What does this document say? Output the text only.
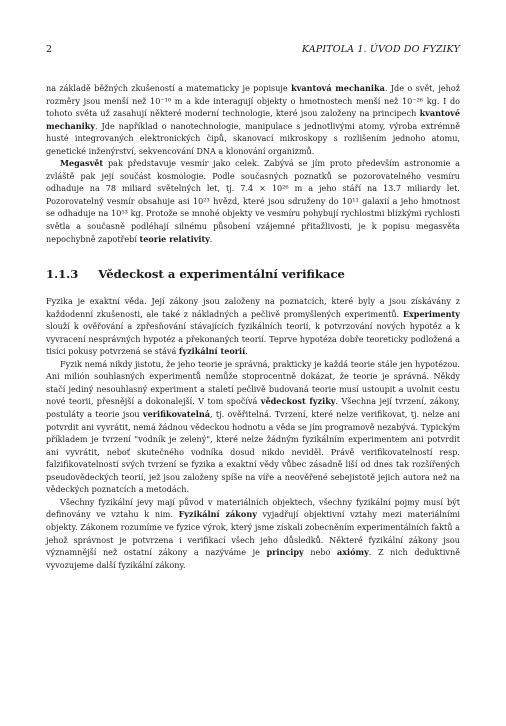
2	KAPITOLA 1. ÚVOD DO FYZIKY

na základě běžných zkušeností a matematicky je popisuje kvantová mechanika. Jde o svět, jehož rozměry jsou menší než 10⁻¹⁰ m a kde interagují objekty o hmotnostech menší než 10⁻²⁶ kg. I do tohoto světa už zasahují některé moderní technologie, které jsou založeny na principech kvantové mechaniky. Jde například o nanotechnologie, manipulace s jednotlivými atomy, výroba extrémně husté integrovaných elektronických čipů, skanovací mikroskopy s rozlišením jednoho atomu, genetické inženýrství, sekvencování DNA a klonování organizmů.

Megasvět pak představuje vesmír jako celek. Zabývá se jím proto především astronomie a zvláště pak její součást kosmologie. Podle současných poznatků se pozorovatelného vesmíru odhaduje na 78 miliard světelných let, tj. 7.4 × 10²⁶ m a jeho stáří na 13.7 miliardy let. Pozorovatelný vesmír obsahuje asi 10²³ hvězd, které jsou sdruženy do 10¹¹ galaxií a jeho hmotnost se odhaduje na 10⁵³ kg. Protože se mnohé objekty ve vesmíru pohybují rychlostmi blízkými rychlosti světla a současně podléhají silnému působení vzájemné přitažlivosti, je k popisu megasvěta nepochybně zapotřebí teorie relativity.

1.1.3 Vědeckost a experimentální verifikace

Fyzika je exaktní věda. Její zákony jsou založeny na poznatcích, které byly a jsou získávány z každodenní zkušenosti, ale také z nákladných a pečlivě promyšlených experimentů. Experimenty slouží k ověřování a zpřesňování stávajících fyzikálních teorií, k potvrzování nových hypotéz a k vyvracení nesprávných hypotéz a překonaných teorií. Teprve hypotéza dobře teoreticky podložená a tisíci pokusy potvrzená se stává fyzikální teorií.

Fyzik nemá nikdy jistotu, že jeho teorie je správná, prakticky je každá teorie stále jen hypotézou. Ani milión souhlasných experimentů nemůže stoprocentně dokázat, že teorie je správná. Někdy stačí jediný nesouhlasný experiment a staletí pečlivě budovaná teorie musí ustoupit a uvolnit cestu nové teorii, přesnější a dokonalejší. V tom spočívá vědeckost fyziky. Všechna její tvrzení, zákony, postuláty a teorie jsou verifikovatelná, tj. ověřitelná. Tvrzení, které nelze verifikovat, tj. nelze ani potvrdit ani vyvrátit, nemá žádnou vědeckou hodnotu a věda se jím programově nezabývá. Typickým příkladem je tvrzení "vodník je zelený", které nelze žádným fyzikálním experimentem ani potvrdit ani vyvrátit, neboť skutečného vodníka dosud nikdo neviděl. Právě verifikovatelností resp. falzifikovatelností svých tvrzení se fyzika a exaktní vědy vůbec zásadně liší od dnes tak rozšířených pseudovědeckých teorií, jež jsou založeny spíše na víře a neověřené sebejistotě jejich autora než na vědeckých poznatcích a metodách.

Všechny fyzikální jevy mají původ v materiálních objektech, všechny fyzikální pojmy musí být definovány ve vztahu k nim. Fyzikální zákony vyjadřují objektivní vztahy mezi materiálními objekty. Zákonem rozumíme ve fyzice výrok, který jsme získali zobecněním experimentálních faktů a jehož správnost je potvrzena i verifikací všech jeho důsledků. Některé fyzikální zákony jsou významnější než ostatní zákony a nazýváme je principy nebo axiómy. Z nich deduktivně vyvozujeme další fyzikální zákony.
